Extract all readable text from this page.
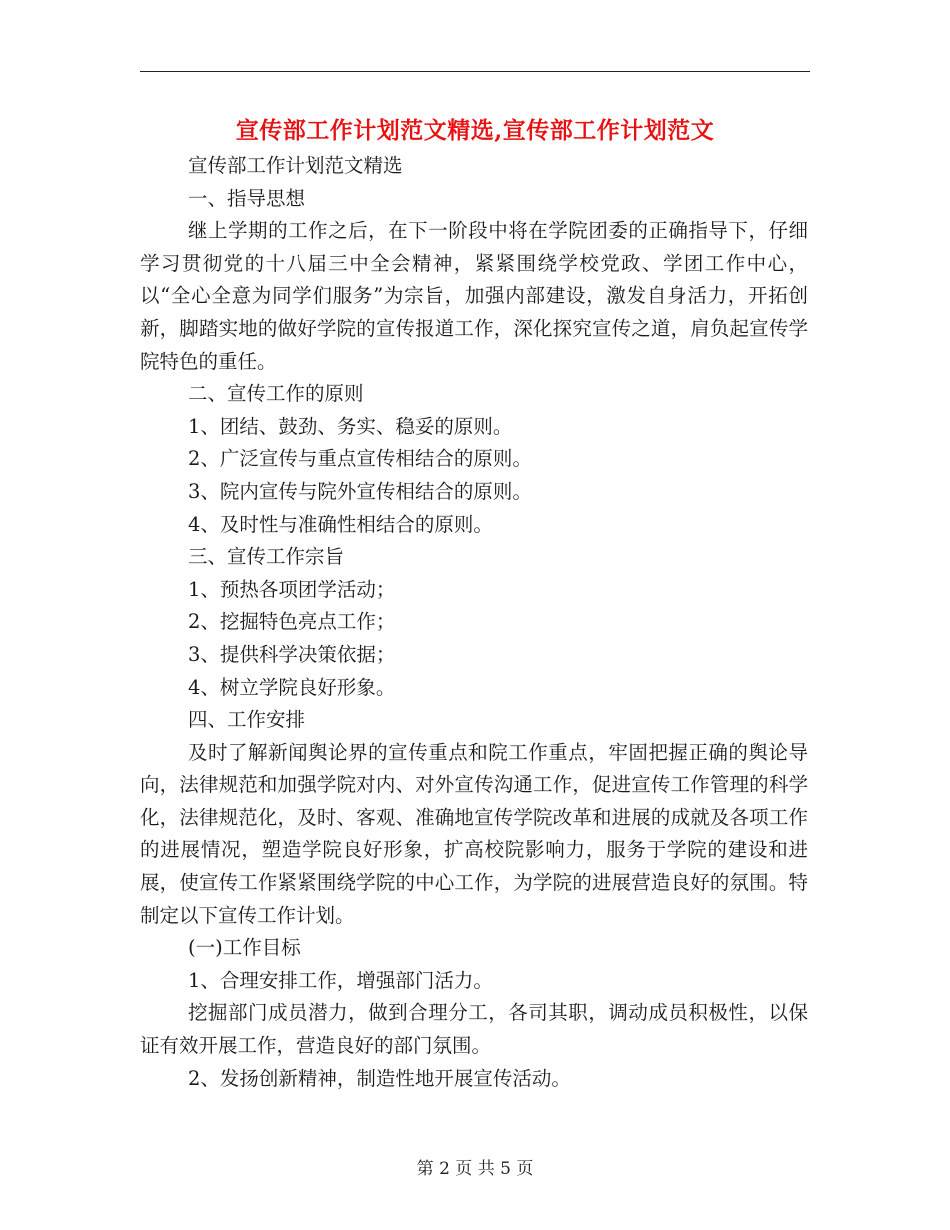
宣传部工作计划范文精选,宣传部工作计划范文

宣传部工作计划范文精选

一、指导思想

继上学期的工作之后，在下一阶段中将在学院团委的正确指导下，仔细学习贯彻党的十八届三中全会精神，紧紧围绕学校党政、学团工作中心，以“全心全意为同学们服务”为宗旨，加强内部建设，激发自身活力，开拓创新，脚踏实地的做好学院的宣传报道工作，深化探究宣传之道，肩负起宣传学院特色的重任。

二、宣传工作的原则

1、团结、鼓劲、务实、稳妥的原则。

2、广泛宣传与重点宣传相结合的原则。

3、院内宣传与院外宣传相结合的原则。

4、及时性与准确性相结合的原则。

三、宣传工作宗旨

1、预热各项团学活动；

2、挖掘特色亮点工作；

3、提供科学决策依据；

4、树立学院良好形象。

四、工作安排

及时了解新闻舆论界的宣传重点和院工作重点，牢固把握正确的舆论导向，法律规范和加强学院对内、对外宣传沟通工作，促进宣传工作管理的科学化，法律规范化，及时、客观、准确地宣传学院改革和进展的成就及各项工作的进展情况，塑造学院良好形象，扩高校院影响力，服务于学院的建设和进展，使宣传工作紧紧围绕学院的中心工作，为学院的进展营造良好的氛围。特制定以下宣传工作计划。

(一)工作目标

1、合理安排工作，增强部门活力。

挖掘部门成员潜力，做到合理分工，各司其职，调动成员积极性，以保证有效开展工作，营造良好的部门氛围。

2、发扬创新精神，制造性地开展宣传活动。

第 2 页 共 5 页
